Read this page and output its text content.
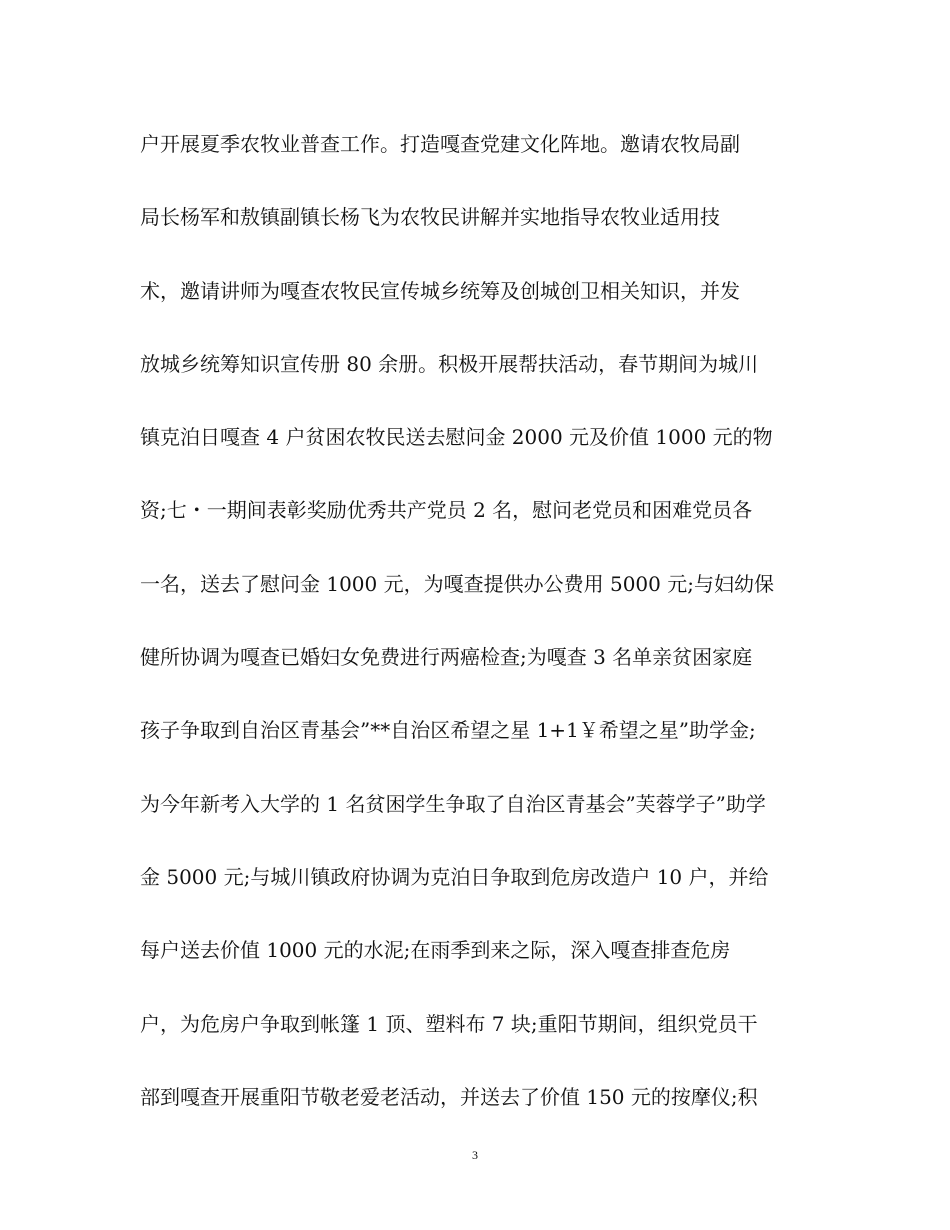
户开展夏季农牧业普查工作。打造嘎查党建文化阵地。邀请农牧局副
局长杨军和敖镇副镇长杨飞为农牧民讲解并实地指导农牧业适用技
术，邀请讲师为嘎查农牧民宣传城乡统筹及创城创卫相关知识，并发
放城乡统筹知识宣传册 80 余册。积极开展帮扶活动，春节期间为城川
镇克泊日嘎查 4 户贫困农牧民送去慰问金 2000 元及价值 1000 元的物
资;七・一期间表彰奖励优秀共产党员 2 名，慰问老党员和困难党员各
一名，送去了慰问金 1000 元，为嘎查提供办公费用 5000 元;与妇幼保
健所协调为嘎查已婚妇女免费进行两癌检查;为嘎查 3 名单亲贫困家庭
孩子争取到自治区青基会”**自治区希望之星 1+1￥希望之星”助学金;
为今年新考入大学的 1 名贫困学生争取了自治区青基会”芙蓉学子”助学
金 5000 元;与城川镇政府协调为克泊日争取到危房改造户 10 户，并给
每户送去价值 1000 元的水泥;在雨季到来之际，深入嘎查排查危房
户，为危房户争取到帐篷 1 顶、塑料布 7 块;重阳节期间，组织党员干
部到嘎查开展重阳节敬老爱老活动，并送去了价值 150 元的按摩仪;积
3
